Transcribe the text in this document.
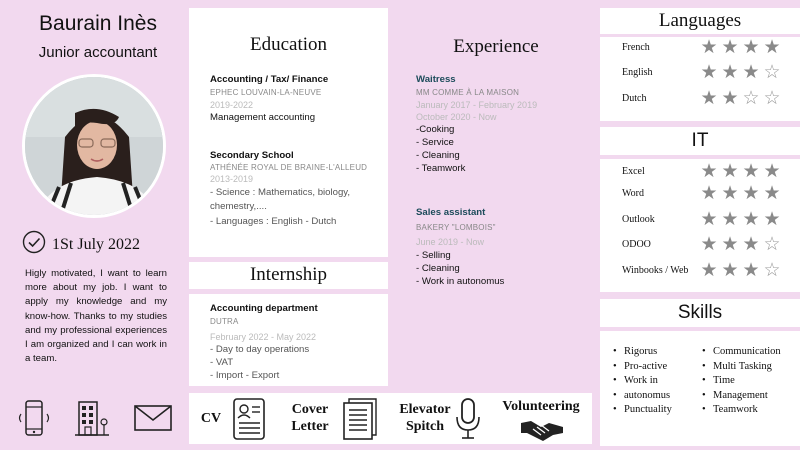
Baurain Inès
Junior accountant
1St July 2022
Higly motivated, I want to learn more about my job. I want to apply my knowledge and my know-how. Thanks to my studies and my professional experiences I am organized and I can work in a team.
Education
Accounting / Tax/ Finance
EPHEC LOUVAIN-LA-NEUVE
2019-2022
Management accounting
Secondary School
ATHÉNÉE ROYAL DE BRAINE-L'ALLEUD
2013-2019
- Science : Mathematics, biology, chemestry,....
- Languages : English - Dutch
Internship
Accounting department
DUTRA
February 2022 - May 2022
- Day to day operations
- VAT
- Import - Export
Experience
Waitress
MM COMME À LA MAISON
January 2017 - February 2019
October 2020 - Now
-Cooking
- Service
- Cleaning
- Teamwork
Sales assistant
BAKERY "LOMBOIS"
June 2019 - Now
- Selling
- Cleaning
- Work in autonomus
Languages
French	★ ★ ★ ★
English	★ ★ ★ ☆
Dutch	★ ★ ☆ ☆
IT
Excel	★ ★ ★ ★
Word	★ ★ ★ ★
Outlook	★ ★ ★ ★
ODOO	★ ★ ★ ☆
Winbooks / Web ★ ★ ★ ☆
Skills
• Rigorus
• Pro-active
• Work in
• autonomus
• Punctuality
• Communication
• Multi Tasking
• Time
• Management
• Teamwork
CV
Cover
Letter
Elevator
Spitch
Volunteering
